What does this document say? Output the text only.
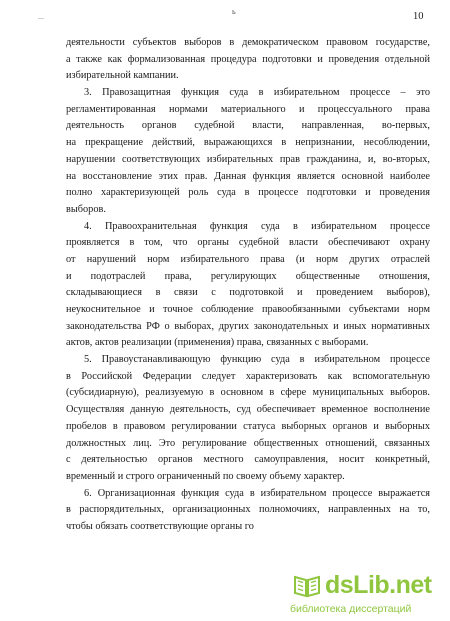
...
ь	10
деятельности субъектов выборов в демократическом правовом государстве,
а также как формализованная процедура подготовки и проведения отдельной
избирательной кампании.
3. Правозащитная функция суда в избирательном процессе – это
регламентированная нормами материального и процессуального права
деятельность органов судебной власти, направленная, во-первых,
на прекращение действий, выражающихся в непризнании, несоблюдении,
нарушении соответствующих избирательных прав гражданина, и, во-вторых,
на восстановление этих прав. Данная функция является основной наиболее
полно характеризующей роль суда в процессе подготовки и проведения
выборов.
4. Правоохранительная функция суда в избирательном процессе
проявляется в том, что органы судебной власти обеспечивают охрану
от нарушений норм избирательного права (и норм других отраслей
и подотраслей права, регулирующих общественные отношения,
складывающиеся в связи с подготовкой и проведением выборов),
неукоснительное и точное соблюдение правообязанными субъектами норм
законодательства РФ о выборах, других законодательных и иных нормативных
актов, актов реализации (применения) права, связанных с выборами.
5. Правоустанавливающую функцию суда в избирательном процессе
в Российской Федерации следует характеризовать как вспомогательную
(субсидиарную), реализуемую в основном в сфере муниципальных выборов.
Осуществляя данную деятельность, суд обеспечивает временное восполнение
пробелов в правовом регулировании статуса выборных органов и выборных
должностных лиц. Это регулирование общественных отношений, связанных
с деятельностью органов местного самоуправления, носит конкретный,
временный и строго ограниченный по своему объему характер.
6. Организационная функция суда в избирательном процессе выражается
в распорядительных, организационных полномочиях, направленных на то,
чтобы обязать соответствующие органы го
dsLib.net
библиотека диссертаций
